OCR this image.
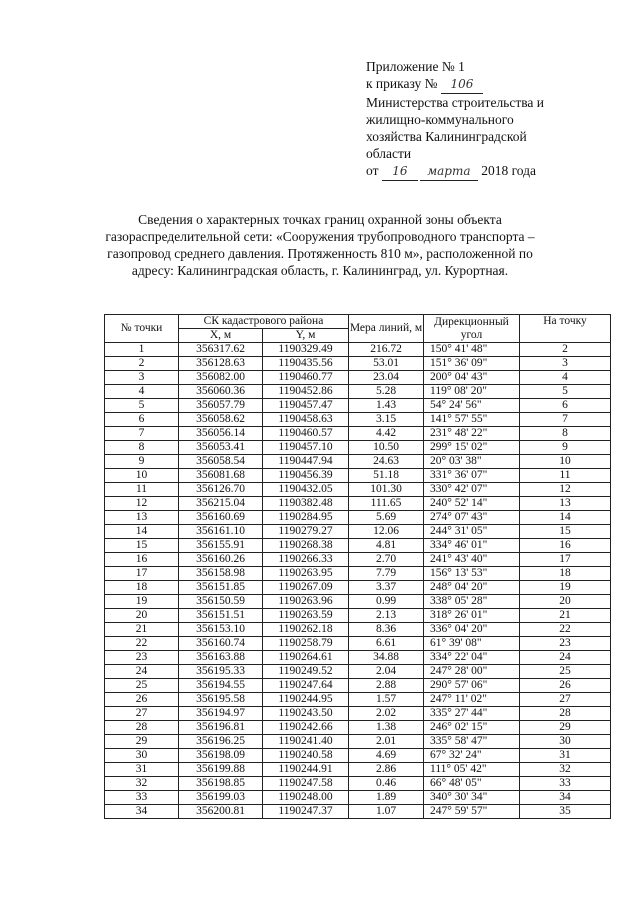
Приложение № 1
к приказу № 106
Министерства строительства и
жилищно-коммунального
хозяйства Калининградской
области
от 16 марта 2018 года
Сведения о характерных точках границ охранной зоны объекта газораспределительной сети: «Сооружения трубопроводного транспорта – газопровод среднего давления. Протяженность 810 м», расположенной по адресу: Калининградская область, г. Калининград, ул. Курортная.
№ точки	СК кадастрового района		Мера линий, м	Дирекционный угол	На точку
	X, м	Y, м			
1	356317.62	1190329.49	216.72	150° 41' 48"	2
2	356128.63	1190435.56	53.01	151° 36' 09"	3
3	356082.00	1190460.77	23.04	200° 04' 43"	4
4	356060.36	1190452.86	5.28	119° 08' 20"	5
5	356057.79	1190457.47	1.43	54° 24' 56"	6
6	356058.62	1190458.63	3.15	141° 57' 55"	7
7	356056.14	1190460.57	4.42	231° 48' 22"	8
8	356053.41	1190457.10	10.50	299° 15' 02"	9
9	356058.54	1190447.94	24.63	20° 03' 38"	10
10	356081.68	1190456.39	51.18	331° 36' 07"	11
11	356126.70	1190432.05	101.30	330° 42' 07"	12
12	356215.04	1190382.48	111.65	240° 52' 14"	13
13	356160.69	1190284.95	5.69	274° 07' 43"	14
14	356161.10	1190279.27	12.06	244° 31' 05"	15
15	356155.91	1190268.38	4.81	334° 46' 01"	16
16	356160.26	1190266.33	2.70	241° 43' 40"	17
17	356158.98	1190263.95	7.79	156° 13' 53"	18
18	356151.85	1190267.09	3.37	248° 04' 20"	19
19	356150.59	1190263.96	0.99	338° 05' 28"	20
20	356151.51	1190263.59	2.13	318° 26' 01"	21
21	356153.10	1190262.18	8.36	336° 04' 20"	22
22	356160.74	1190258.79	6.61	61° 39' 08"	23
23	356163.88	1190264.61	34.88	334° 22' 04"	24
24	356195.33	1190249.52	2.04	247° 28' 00"	25
25	356194.55	1190247.64	2.88	290° 57' 06"	26
26	356195.58	1190244.95	1.57	247° 11' 02"	27
27	356194.97	1190243.50	2.02	335° 27' 44"	28
28	356196.81	1190242.66	1.38	246° 02' 15"	29
29	356196.25	1190241.40	2.01	335° 58' 47"	30
30	356198.09	1190240.58	4.69	67° 32' 24"	31
31	356199.88	1190244.91	2.86	111° 05' 42"	32
32	356198.85	1190247.58	0.46	66° 48' 05"	33
33	356199.03	1190248.00	1.89	340° 30' 34"	34
34	356200.81	1190247.37	1.07	247° 59' 57"	35
